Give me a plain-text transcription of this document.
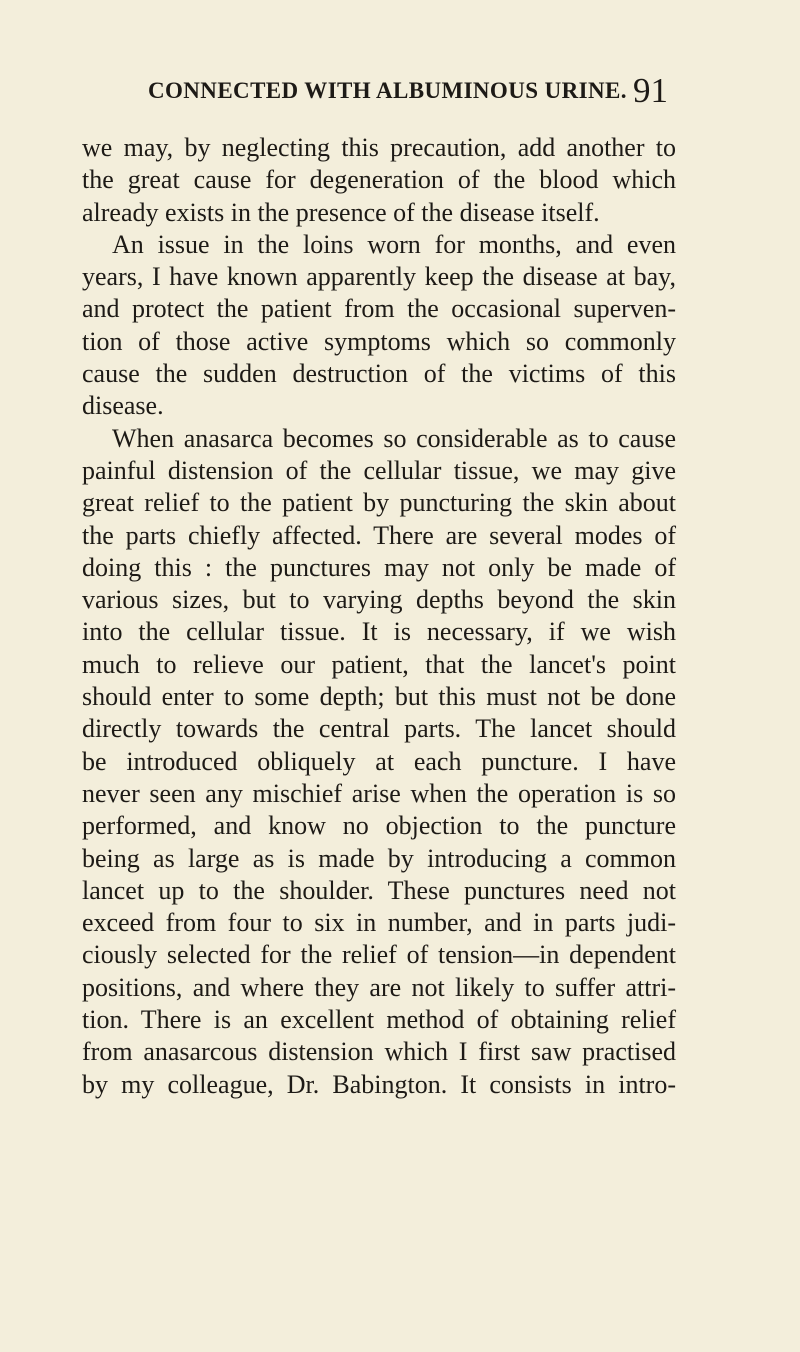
CONNECTED WITH ALBUMINOUS URINE. 91
we may, by neglecting this precaution, add another to
the great cause for degeneration of the blood which
already exists in the presence of the disease itself.
An issue in the loins worn for months, and even
years, I have known apparently keep the disease at bay,
and protect the patient from the occasional superven-
tion of those active symptoms which so commonly
cause the sudden destruction of the victims of this
disease.
When anasarca becomes so considerable as to cause
painful distension of the cellular tissue, we may give
great relief to the patient by puncturing the skin about
the parts chiefly affected. There are several modes of
doing this : the punctures may not only be made of
various sizes, but to varying depths beyond the skin
into the cellular tissue. It is necessary, if we wish
much to relieve our patient, that the lancet's point
should enter to some depth; but this must not be done
directly towards the central parts. The lancet should
be introduced obliquely at each puncture. I have
never seen any mischief arise when the operation is so
performed, and know no objection to the puncture
being as large as is made by introducing a common
lancet up to the shoulder. These punctures need not
exceed from four to six in number, and in parts judi-
ciously selected for the relief of tension—in dependent
positions, and where they are not likely to suffer attri-
tion. There is an excellent method of obtaining relief
from anasarcous distension which I first saw practised
by my colleague, Dr. Babington. It consists in intro-
